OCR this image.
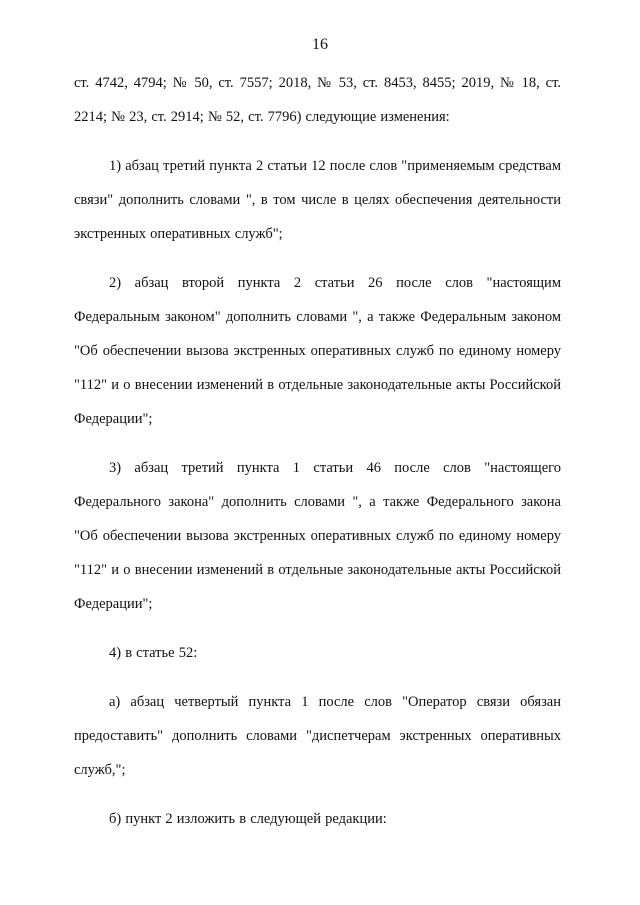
16

ст. 4742, 4794; № 50, ст. 7557; 2018, № 53, ст. 8453, 8455; 2019, № 18, ст. 2214; № 23, ст. 2914; № 52, ст. 7796) следующие изменения:

1) абзац третий пункта 2 статьи 12 после слов "применяемым средствам связи" дополнить словами ", в том числе в целях обеспечения деятельности экстренных оперативных служб";

2) абзац второй пункта 2 статьи 26 после слов "настоящим Федеральным законом" дополнить словами ", а также Федеральным законом "Об обеспечении вызова экстренных оперативных служб по единому номеру "112" и о внесении изменений в отдельные законодательные акты Российской Федерации";

3) абзац третий пункта 1 статьи 46 после слов "настоящего Федерального закона" дополнить словами ", а также Федерального закона "Об обеспечении вызова экстренных оперативных служб по единому номеру "112" и о внесении изменений в отдельные законодательные акты Российской Федерации";

4) в статье 52:

а) абзац четвертый пункта 1 после слов "Оператор связи обязан предоставить" дополнить словами "диспетчерам экстренных оперативных служб,";

б) пункт 2 изложить в следующей редакции:
